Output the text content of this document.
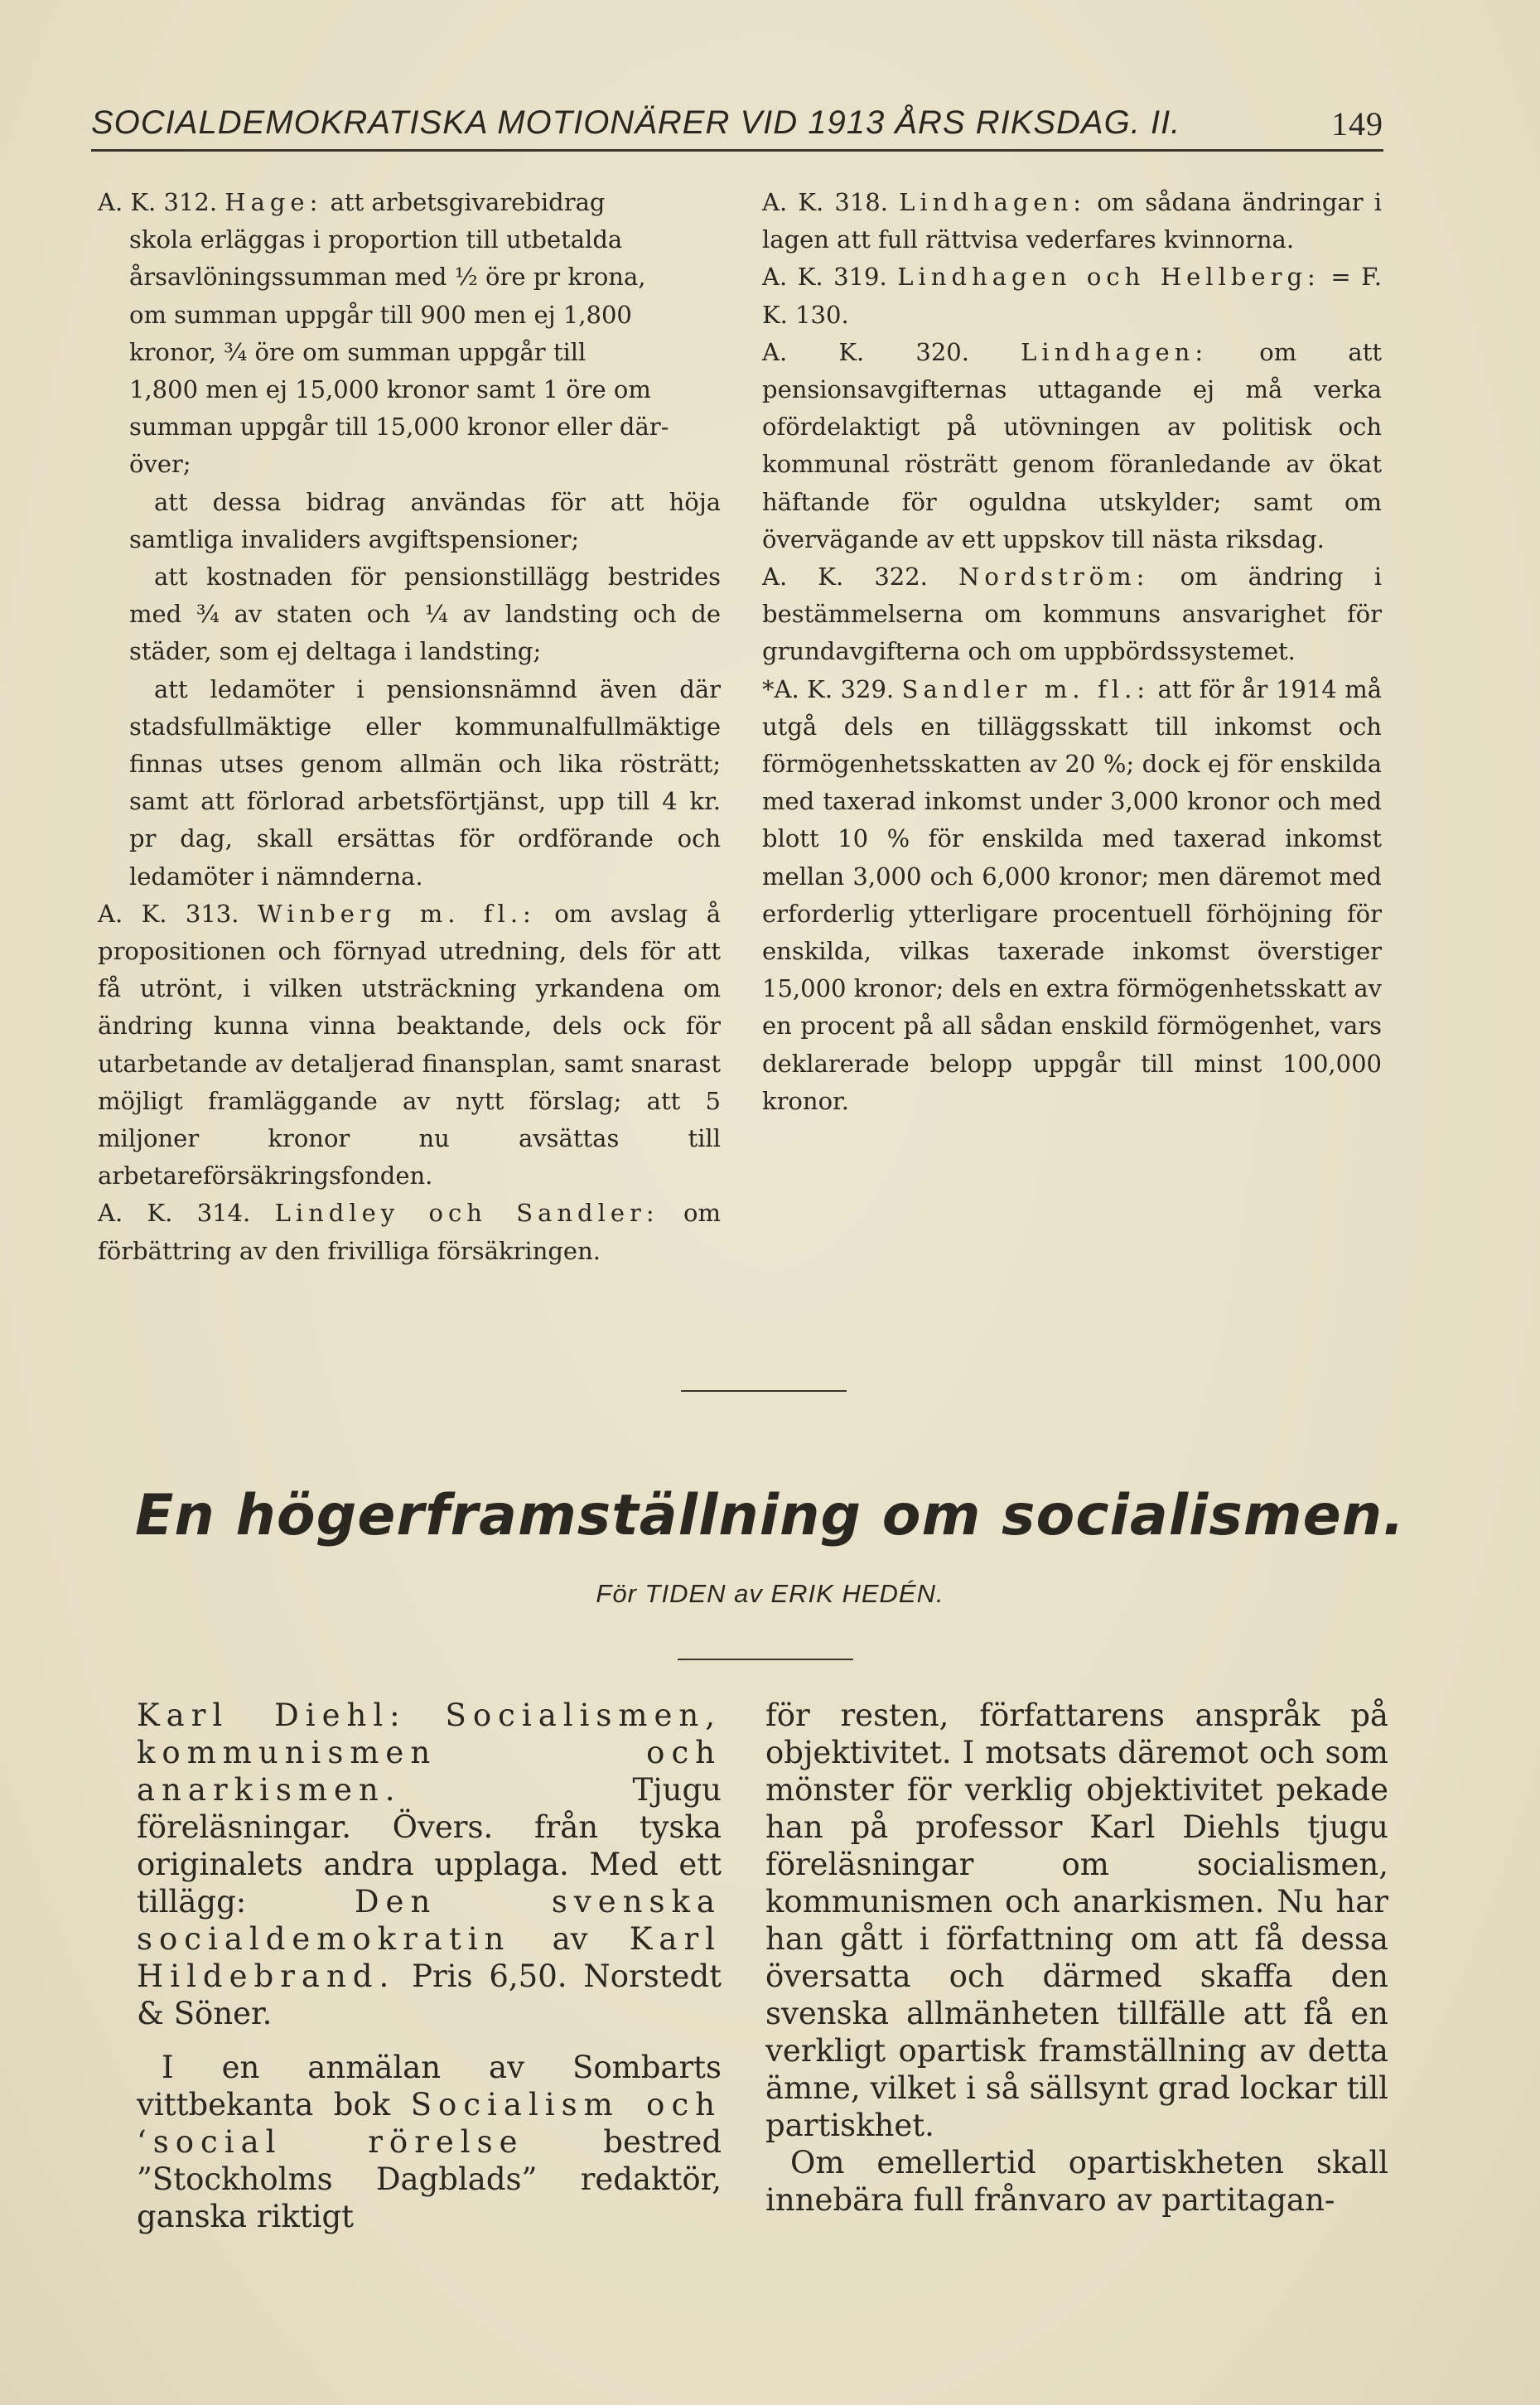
SOCIALDEMOKRATISKA MOTIONÄRER VID 1913 ÅRS RIKSDAG. II.	149
A. K. 312. Hage: att arbetsgivarebidrag
skola erläggas i proportion till utbetalda
årsavlöningssumman med ½ öre pr krona,
om summan uppgår till 900 men ej 1,800
kronor, ¾ öre om summan uppgår till
1,800 men ej 15,000 kronor samt 1 öre om
summan uppgår till 15,000 kronor eller där-
över;
att dessa bidrag användas för att höja samtliga invaliders avgiftspensioner;
att kostnaden för pensionstillägg bestrides med ¾ av staten och ¼ av landsting och de städer, som ej deltaga i landsting;
att ledamöter i pensionsnämnd även där stadsfullmäktige eller kommunalfullmäktige finnas utses genom allmän och lika rösträtt; samt att förlorad arbetsförtjänst, upp till 4 kr. pr dag, skall ersättas för ordförande och ledamöter i nämnderna.
A. K. 313. Winberg m. fl.: om avslag å propositionen och förnyad utredning, dels för att få utrönt, i vilken utsträckning yrkandena om ändring kunna vinna beaktande, dels ock för utarbetande av detaljerad finansplan, samt snarast möjligt framläggande av nytt förslag; att 5 miljoner kronor nu avsättas till arbetareförsäkringsfonden.
A. K. 314. Lindley och Sandler: om förbättring av den frivilliga försäkringen.
A. K. 318. Lindhagen: om sådana ändringar i lagen att full rättvisa vederfares kvinnorna.
A. K. 319. Lindhagen och Hellberg: = F. K. 130.
A. K. 320. Lindhagen: om att pensionsavgifternas uttagande ej må verka ofördelaktigt på utövningen av politisk och kommunal rösträtt genom föranledande av ökat häftande för oguldna utskylder; samt om övervägande av ett uppskov till nästa riksdag.
A. K. 322. Nordström: om ändring i bestämmelserna om kommuns ansvarighet för grundavgifterna och om uppbördssystemet.
*A. K. 329. Sandler m. fl.: att för år 1914 må utgå dels en tilläggsskatt till inkomst och förmögenhetsskatten av 20 %; dock ej för enskilda med taxerad inkomst under 3,000 kronor och med blott 10 % för enskilda med taxerad inkomst mellan 3,000 och 6,000 kronor; men däremot med erforderlig ytterligare procentuell förhöjning för enskilda, vilkas taxerade inkomst överstiger 15,000 kronor; dels en extra förmögenhetsskatt av en procent på all sådan enskild förmögenhet, vars deklarerade belopp uppgår till minst 100,000 kronor.
En högerframställning om socialismen.
För TIDEN av ERIK HEDÉN.

Karl Diehl: Socialismen, kommunismen och anarkismen.	Tjugu föreläsningar. Övers. från tyska originalets andra upplaga. Med ett tillägg:	Den svenska socialdemokratin av Karl Hildebrand. Pris 6,50. Norstedt & Söner.

I en anmälan av Sombarts vittbekanta bok Socialism och ‘social rörelse	bestred ”Stockholms Dagblads” redaktör, ganska riktigt

för resten, författarens anspråk på objektivitet. I motsats däremot och som mönster för verklig objektivitet pekade han på professor Karl Diehls tjugu föreläsningar om socialismen, kommunismen och anarkismen. Nu har han gått i författning om att få dessa översatta och därmed skaffa den svenska allmänheten tillfälle att få en verkligt opartisk framställning av detta ämne, vilket i så sällsynt grad lockar till partiskhet.

Om emellertid opartiskheten skall innebära full frånvaro av partitagan-
